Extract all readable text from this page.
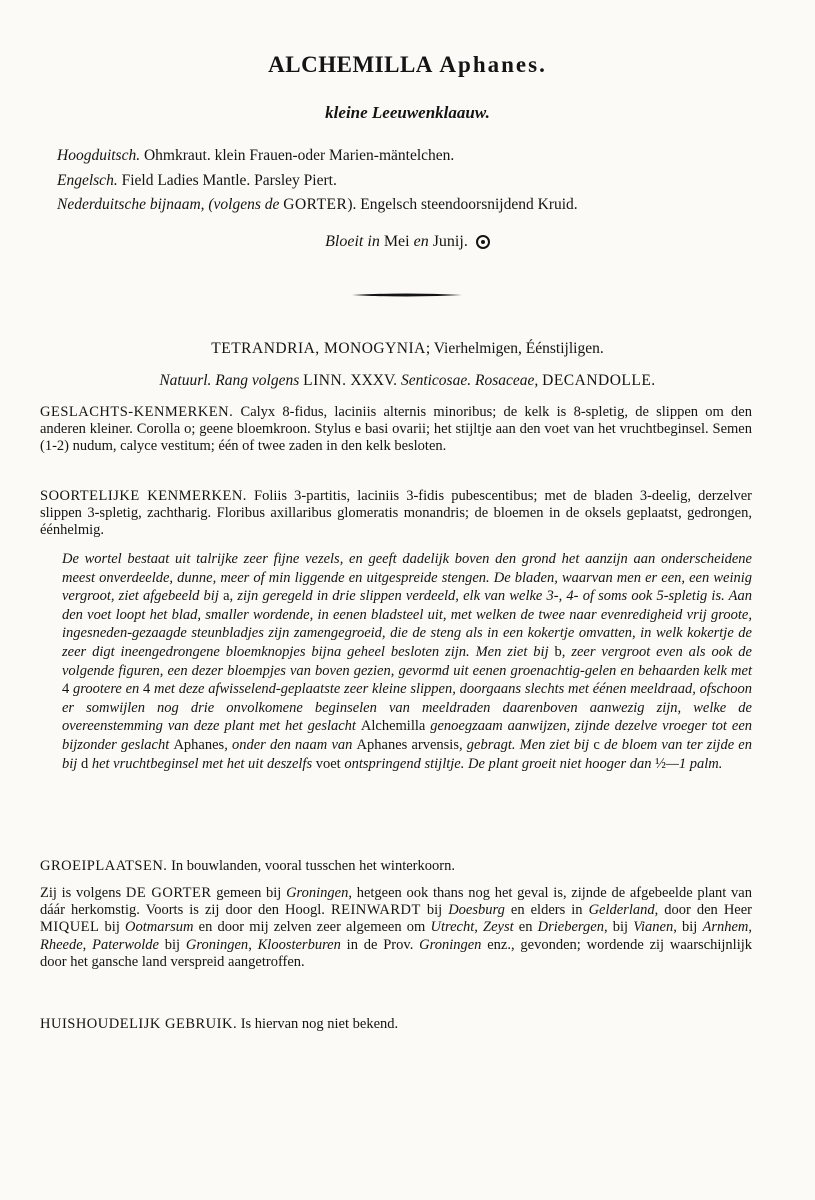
ALCHEMILLA Aphanes.
kleine Leeuwenklaauw.
Hoogduitsch. Ohmkraut. klein Frauen-oder Marien-mäntelchen.
Engelsch. Field Ladies Mantle. Parsley Piert.
Nederduitsche bijnaam, (volgens de GORTER). Engelsch steendoorsnijdend Kruid.
Bloeit in Mei en Junij.
TETRANDRIA, MONOGYNIA; Vierhelmigen, Éénstijligen.
Natuurl. Rang volgens LINN. XXXV. Senticosae. Rosaceae, DECANDOLLE.
GESLACHTS-KENMERKEN. Calyx 8-fidus, laciniis alternis minoribus; de kelk is 8-spletig, de slippen om den anderen kleiner. Corolla o; geene bloemkroon. Stylus e basi ovarii; het stijltje aan den voet van het vruchtbeginsel. Semen (1-2) nudum, calyce vestitum; één of twee zaden in den kelk besloten.
SOORTELIJKE KENMERKEN. Foliis 3-partitis, laciniis 3-fidis pubescentibus; met de bladen 3-deelig, derzelver slippen 3-spletig, zachtharig. Floribus axillaribus glomeratis monandris; de bloemen in de oksels geplaatst, gedrongen, éénhelmig.
De wortel bestaat uit talrijke zeer fijne vezels, en geeft dadelijk boven den grond het aanzijn aan onderscheidene meest onverdeelde, dunne, meer of min liggende en uitgespreide stengen. De bladen, waarvan men er een, een weinig vergroot, ziet afgebeeld bij a, zijn geregeld in drie slippen verdeeld, elk van welke 3-, 4- of soms ook 5-spletig is. Aan den voet loopt het blad, smaller wordende, in eenen bladsteel uit, met welken de twee naar evenredigheid vrij groote, ingesneden-gezaagde steunbladjes zijn zamengegroeid, die de steng als in een kokertje omvatten, in welk kokertje de zeer digt ineengedrongene bloemknopjes bijna geheel besloten zijn. Men ziet bij b, zeer vergroot even als ook de volgende figuren, een dezer bloempjes van boven gezien, gevormd uit eenen groenachtig-gelen en behaarden kelk met 4 grootere en 4 met deze afwisselend-geplaatste zeer kleine slippen, doorgaans slechts met éénen meeldraad, ofschoon er somwijlen nog drie onvolkomene beginselen van meeldraden daarenboven aanwezig zijn, welke de overeenstemming van deze plant met het geslacht Alchemilla genoegzaam aanwijzen, zijnde dezelve vroeger tot een bijzonder geslacht Aphanes, onder den naam van Aphanes arvensis, gebragt. Men ziet bij c de bloem van ter zijde en bij d het vruchtbeginsel met het uit deszelfs voet ontspringend stijltje. De plant groeit niet hooger dan ½—1 palm.
GROEIPLAATSEN. In bouwlanden, vooral tusschen het winterkoorn.
Zij is volgens DE GORTER gemeen bij Groningen, hetgeen ook thans nog het geval is, zijnde de afgebeelde plant van dáár herkomstig. Voorts is zij door den Hoogl. REINWARDT bij Doesburg en elders in Gelderland, door den Heer MIQUEL bij Ootmarsum en door mij zelven zeer algemeen om Utrecht, Zeyst en Driebergen, bij Vianen, bij Arnhem, Rheede, Paterwolde bij Groningen, Kloosterburen in de Prov. Groningen enz., gevonden; wordende zij waarschijnlijk door het gansche land verspreid aangetroffen.
HUISHOUDELIJK GEBRUIK. Is hiervan nog niet bekend.
